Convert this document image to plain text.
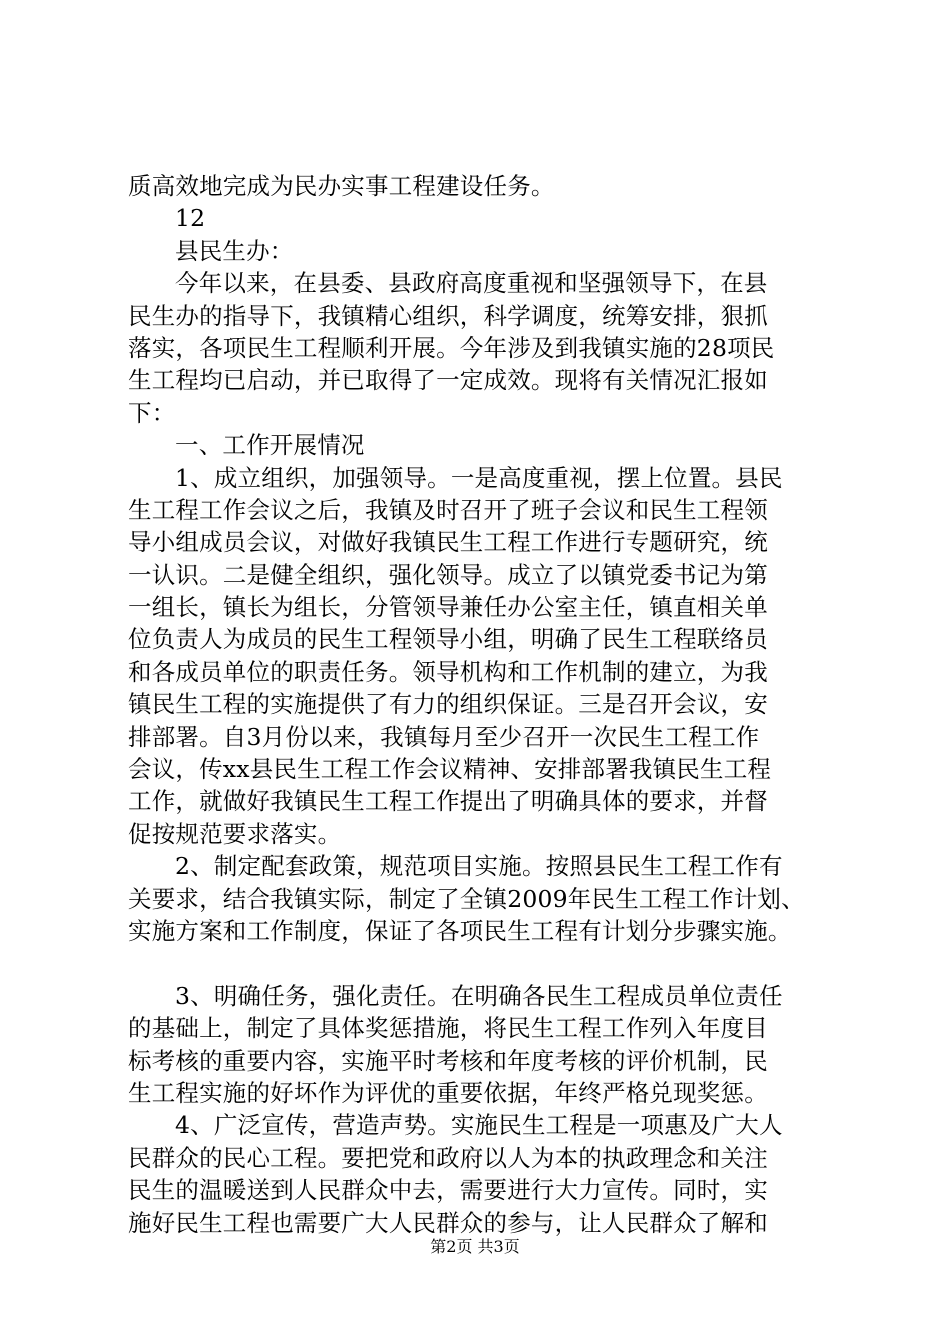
质高效地完成为民办实事工程建设任务。
12
县民生办：
今年以来，在县委、县政府高度重视和坚强领导下，在县
民生办的指导下，我镇精心组织，科学调度，统筹安排，狠抓
落实，各项民生工程顺利开展。今年涉及到我镇实施的28项民
生工程均已启动，并已取得了一定成效。现将有关情况汇报如
下：
一、工作开展情况
1、成立组织，加强领导。一是高度重视，摆上位置。县民
生工程工作会议之后，我镇及时召开了班子会议和民生工程领
导小组成员会议，对做好我镇民生工程工作进行专题研究，统
一认识。二是健全组织，强化领导。成立了以镇党委书记为第
一组长，镇长为组长，分管领导兼任办公室主任，镇直相关单
位负责人为成员的民生工程领导小组，明确了民生工程联络员
和各成员单位的职责任务。领导机构和工作机制的建立，为我
镇民生工程的实施提供了有力的组织保证。三是召开会议，安
排部署。自3月份以来，我镇每月至少召开一次民生工程工作
会议，传xx县民生工程工作会议精神、安排部署我镇民生工程
工作，就做好我镇民生工程工作提出了明确具体的要求，并督
促按规范要求落实。
2、制定配套政策，规范项目实施。按照县民生工程工作有
关要求，结合我镇实际，制定了全镇2009年民生工程工作计划、
实施方案和工作制度，保证了各项民生工程有计划分步骤实施。
3、明确任务，强化责任。在明确各民生工程成员单位责任
的基础上，制定了具体奖惩措施，将民生工程工作列入年度目
标考核的重要内容，实施平时考核和年度考核的评价机制，民
生工程实施的好坏作为评优的重要依据，年终严格兑现奖惩。
4、广泛宣传，营造声势。实施民生工程是一项惠及广大人
民群众的民心工程。要把党和政府以人为本的执政理念和关注
民生的温暖送到人民群众中去，需要进行大力宣传。同时，实
施好民生工程也需要广大人民群众的参与，让人民群众了解和
第2页 共3页
